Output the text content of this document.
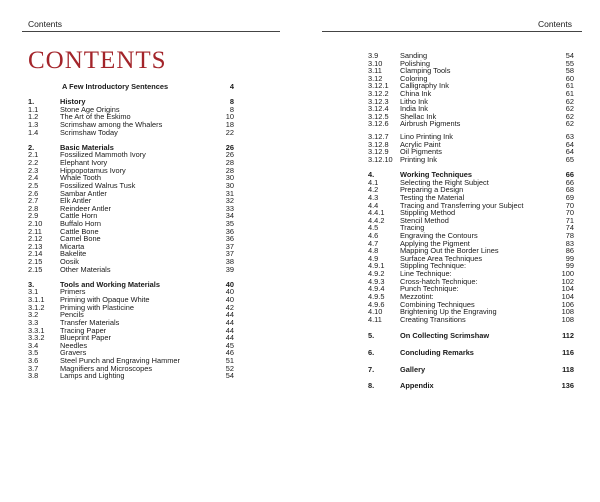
Contents	Contents
CONTENTS
A Few Introductory Sentences	4
1.	History	8
1.1	Stone Age Origins	8
1.2	The Art of the Eskimo	10
1.3	Scrimshaw among the Whalers	18
1.4	Scrimshaw Today	22
2.	Basic Materials	26
2.1	Fossilized Mammoth Ivory	26
2.2	Elephant Ivory	28
2.3	Hippopotamus Ivory	28
2.4	Whale Tooth	30
2.5	Fossilized Walrus Tusk	30
2.6	Sambar Antler	31
2.7	Elk Antler	32
2.8	Reindeer Antler	33
2.9	Cattle Horn	34
2.10 Buffalo Horn	35
2.11 Cattle Bone	36
2.12 Camel Bone	36
2.13 Micarta	37
2.14 Bakelite	37
2.15 Oosik	38
2.15 Other Materials	39
3.	Tools and Working Materials	40
3.1	Primers	40
3.1.1 Priming with Opaque White	40
3.1.2 Priming with Plasticine	42
3.2	Pencils	44
3.3	Transfer Materials	44
3.3.1 Tracing Paper	44
3.3.2 Blueprint Paper	44
3.4	Needles	45
3.5	Gravers	46
3.6	Steel Punch and Engraving Hammer	51
3.7	Magnifiers and Microscopes	52
3.8	Lamps and Lighting	54
3.9	Sanding	54
3.10 Polishing	55
3.11 Clamping Tools	58
3.12 Coloring	60
3.12.1 Calligraphy Ink	61
3.12.2 China Ink	61
3.12.3 Litho Ink	62
3.12.4 India Ink	62
3.12.5 Shellac Ink	62
3.12.6 Airbrush Pigments	62
3.12.7 Lino Printing Ink	63
3.12.8 Acrylic Paint	64
3.12.9 Oil Pigments	64
3.12.10 Printing Ink	65
4.	Working Techniques	66
4.1	Selecting the Right Subject	66
4.2	Preparing a Design	68
4.3	Testing the Material	69
4.4	Tracing and Transferring your Subject	70
4.4.1 Stippling Method	70
4.4.2 Stencil Method	71
4.5	Tracing	74
4.6	Engraving the Contours	78
4.7	Applying the Pigment	83
4.8	Mapping Out the Border Lines	86
4.9	Surface Area Techniques	99
4.9.1 Stippling Technique:	99
4.9.2 Line Technique:	100
4.9.3 Cross-hatch Technique:	102
4.9.4 Punch Technique:	104
4.9.5 Mezzotint:	104
4.9.6 Combining Techniques	106
4.10 Brightening Up the Engraving	108
4.11 Creating Transitions	108
5.	On Collecting Scrimshaw	112
6.	Concluding Remarks	116
7.	Gallery	118
8.	Appendix	136
